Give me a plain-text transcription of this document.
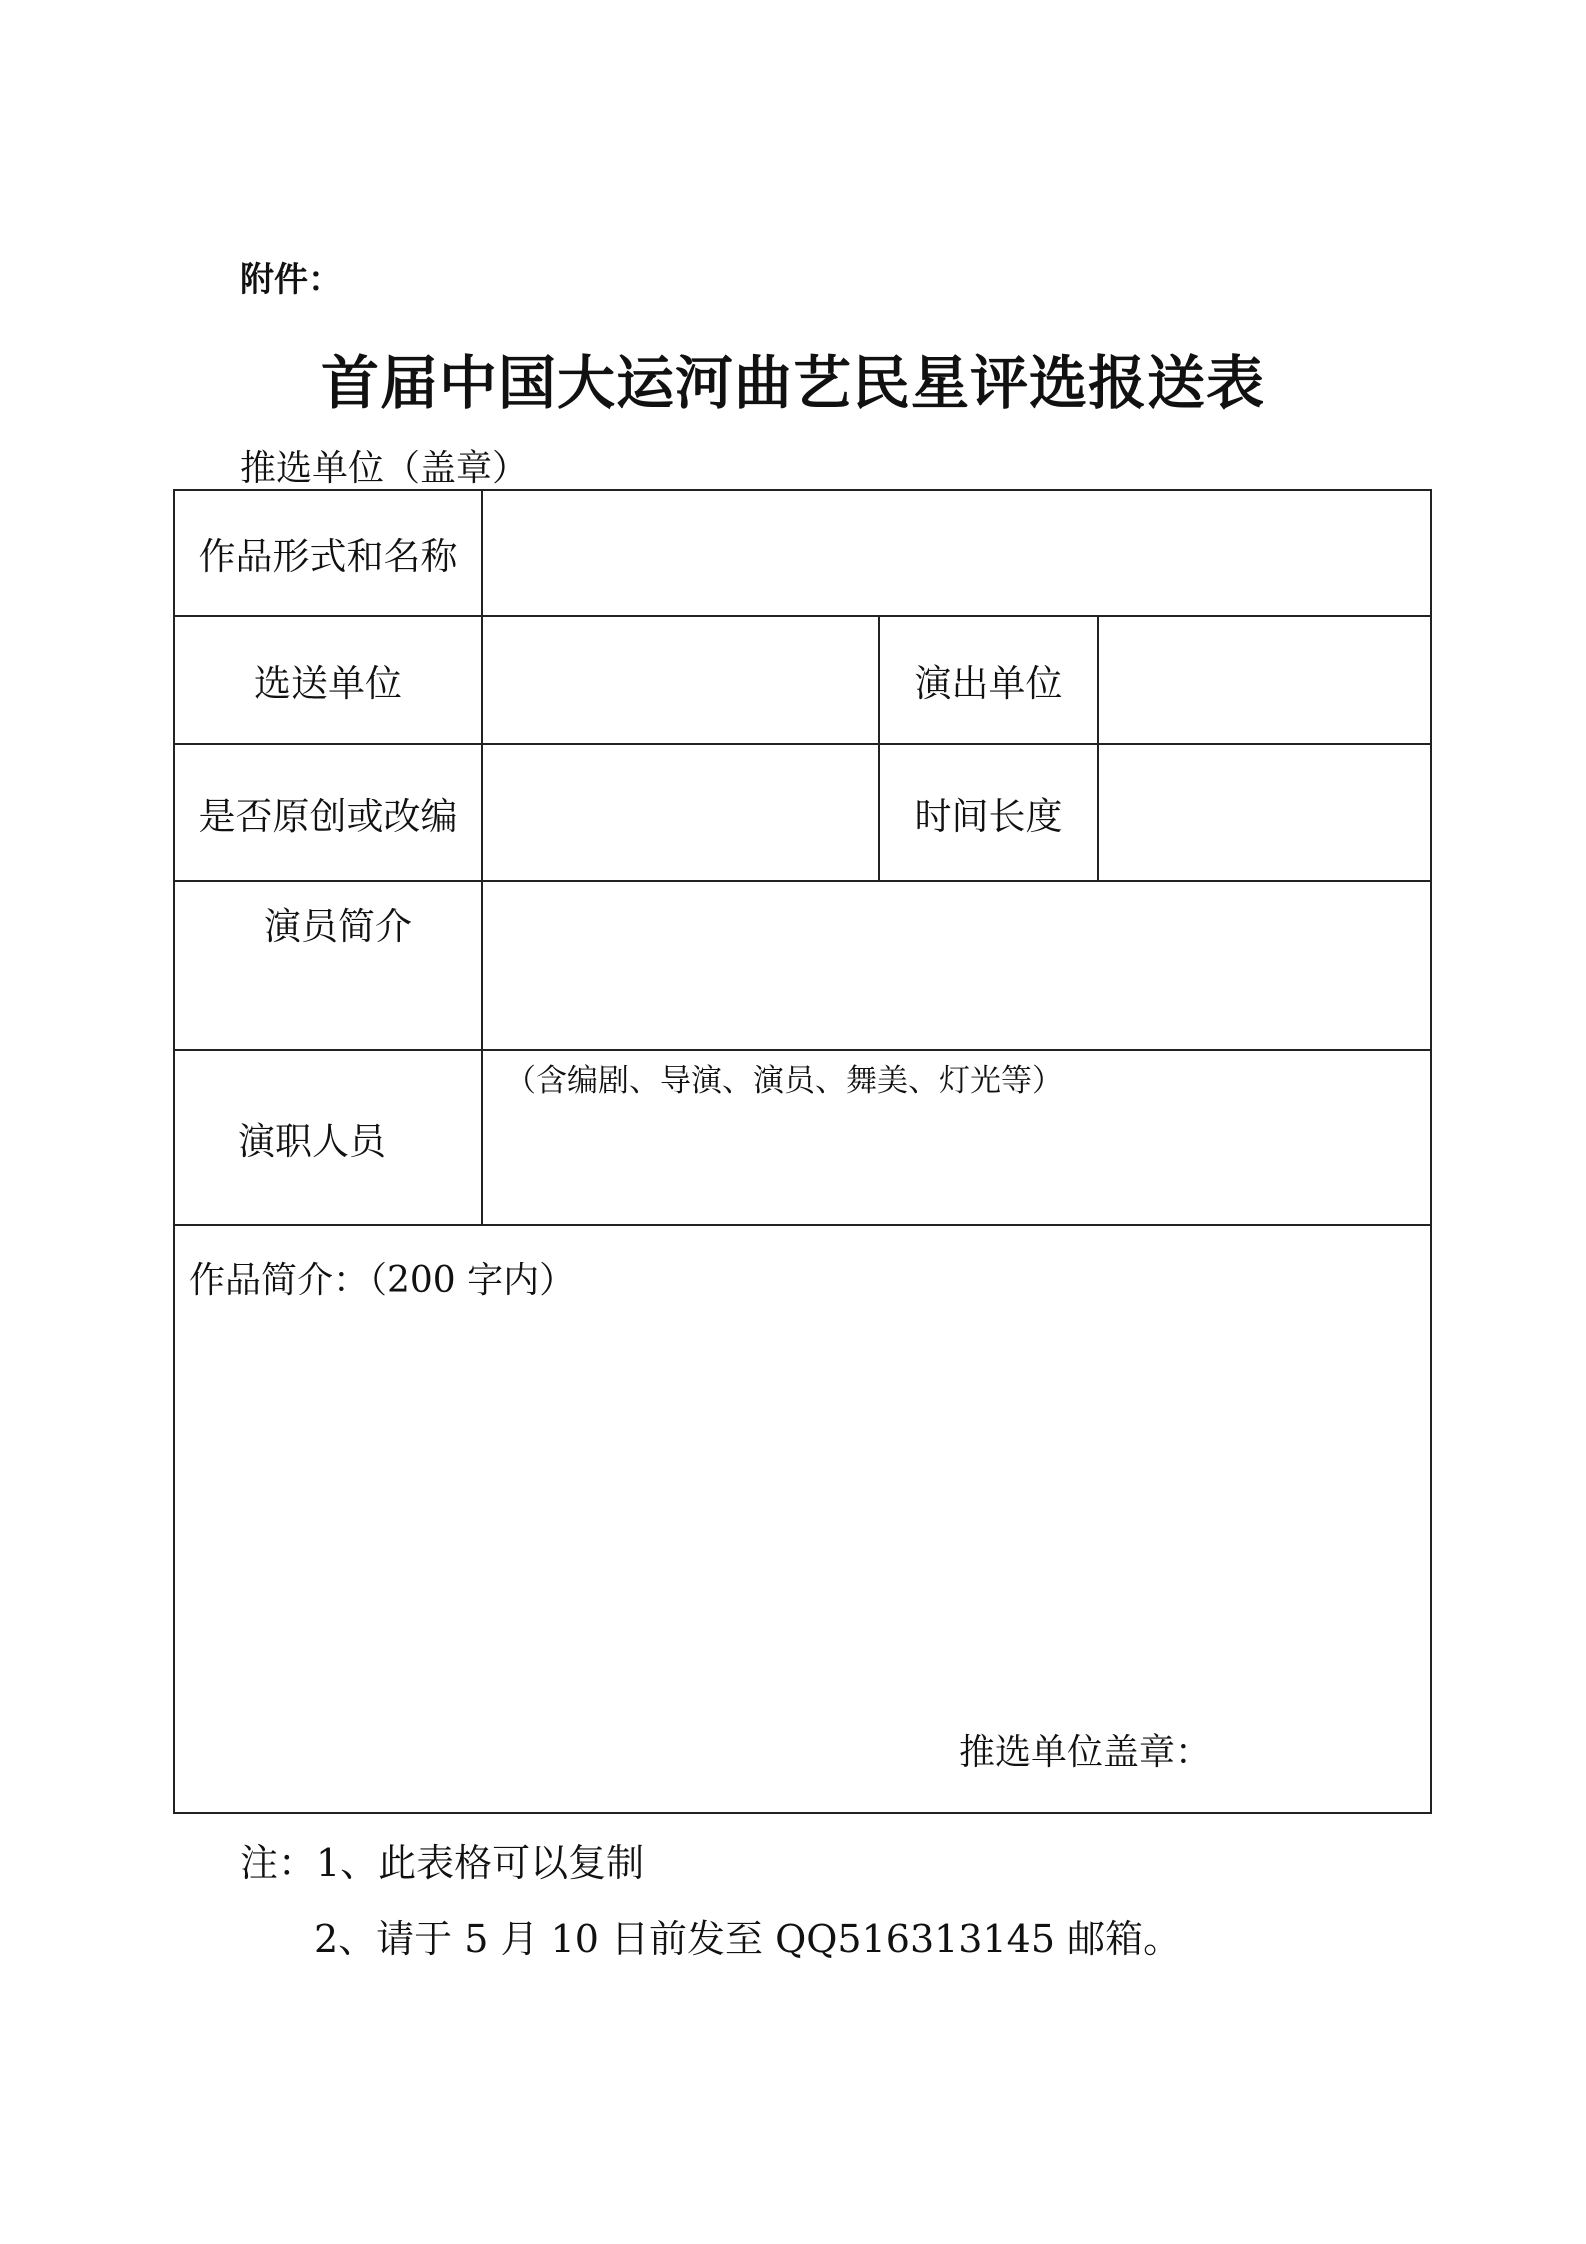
附件：
首届中国大运河曲艺民星评选报送表
推选单位（盖章）
作品形式和名称
选送单位	演出单位
是否原创或改编	时间长度
演员简介
演职人员
（含编剧、导演、演员、舞美、灯光等）
作品简介：（200 字内）
推选单位盖章：
注：1、此表格可以复制
2、请于 5 月 10 日前发至 QQ516313145 邮箱。
